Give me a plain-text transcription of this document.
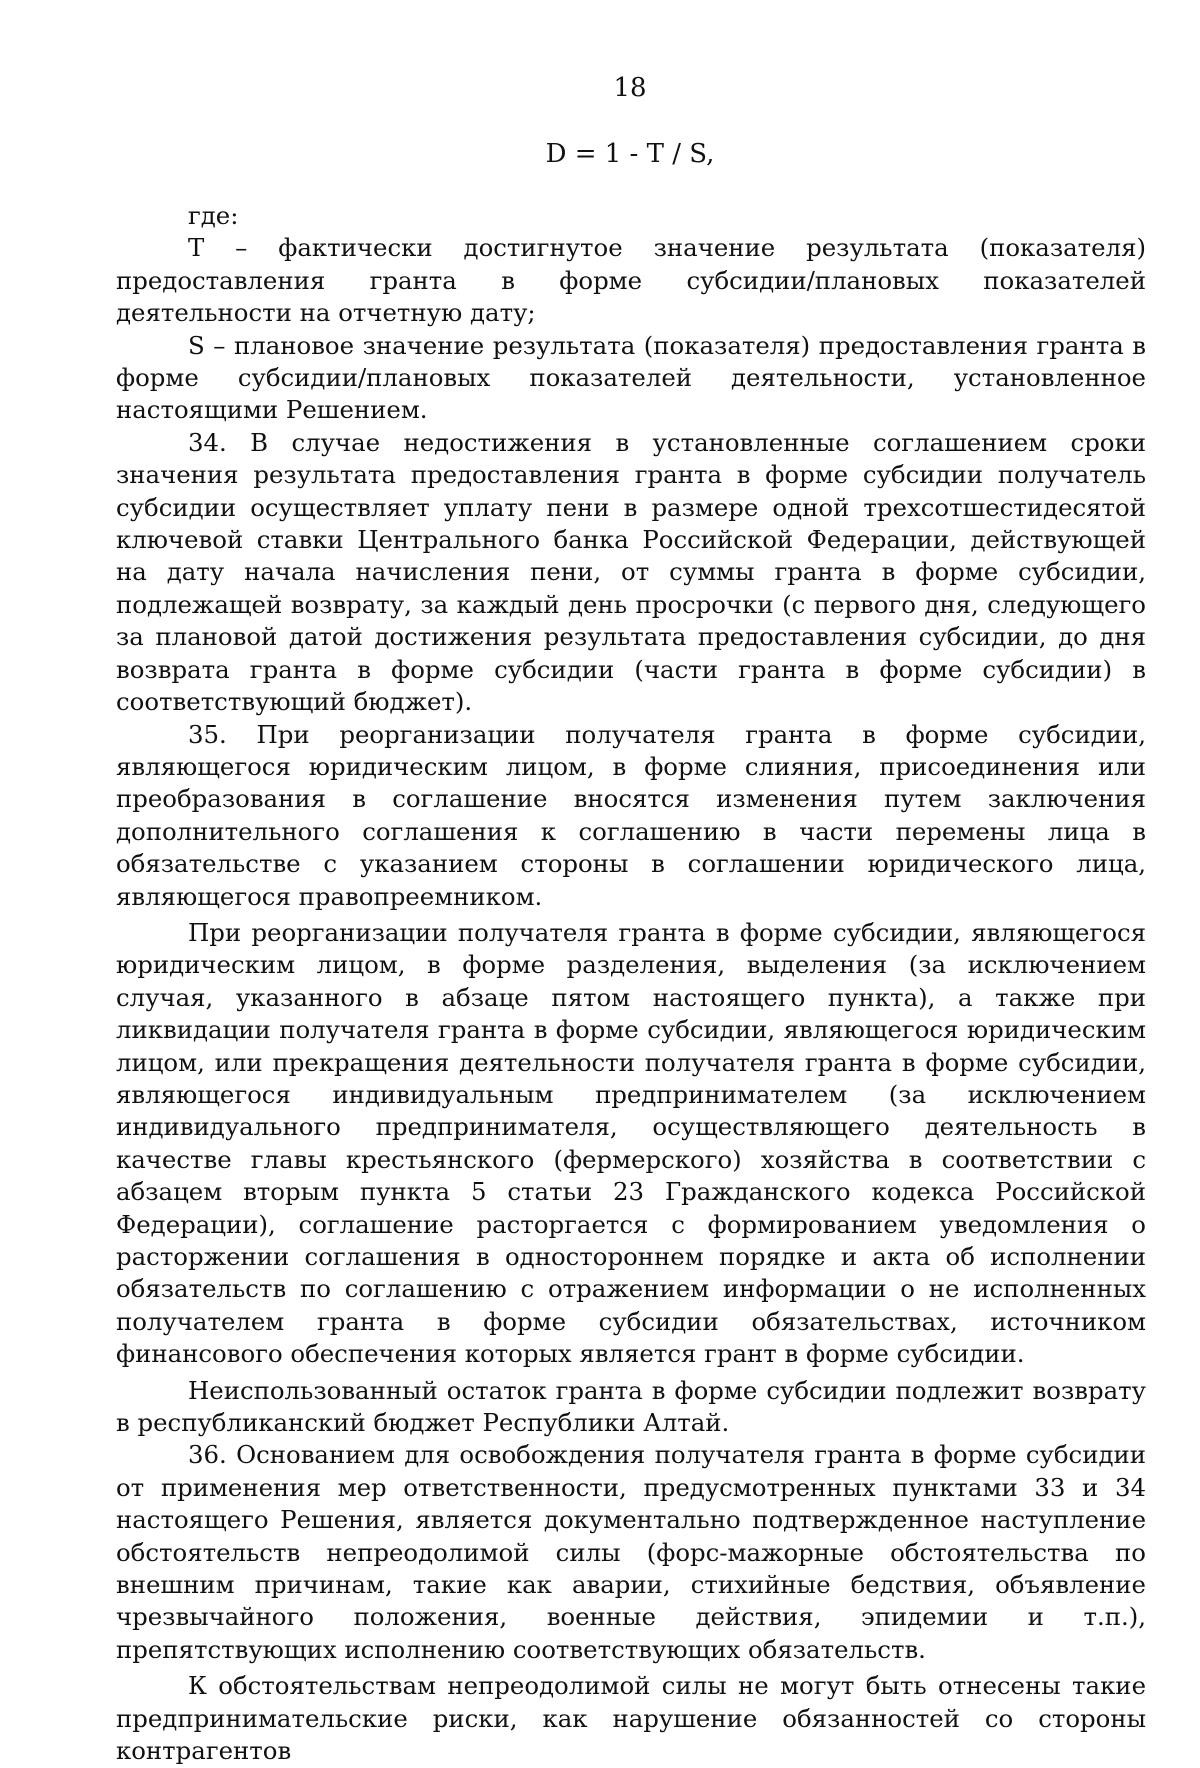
18
D = 1 - T / S,

где:

T – фактически достигнутое значение результата (показателя) предоставления гранта в форме субсидии/плановых показателей деятельности на отчетную дату;

S – плановое значение результата (показателя) предоставления гранта в форме субсидии/плановых показателей деятельности, установленное настоящими Решением.

34. В случае недостижения в установленные соглашением сроки значения результата предоставления гранта в форме субсидии получатель субсидии осуществляет уплату пени в размере одной трехсотшестидесятой ключевой ставки Центрального банка Российской Федерации, действующей на дату начала начисления пени, от суммы гранта в форме субсидии, подлежащей возврату, за каждый день просрочки (с первого дня, следующего за плановой датой достижения результата предоставления субсидии, до дня возврата гранта в форме субсидии (части гранта в форме субсидии) в соответствующий бюджет).

35. При реорганизации получателя гранта в форме субсидии, являющегося юридическим лицом, в форме слияния, присоединения или преобразования в соглашение вносятся изменения путем заключения дополнительного соглашения к соглашению в части перемены лица в обязательстве с указанием стороны в соглашении юридического лица, являющегося правопреемником.

При реорганизации получателя гранта в форме субсидии, являющегося юридическим лицом, в форме разделения, выделения (за исключением случая, указанного в абзаце пятом настоящего пункта), а также при ликвидации получателя гранта в форме субсидии, являющегося юридическим лицом, или прекращения деятельности получателя гранта в форме субсидии, являющегося индивидуальным предпринимателем (за исключением индивидуального предпринимателя, осуществляющего деятельность в качестве главы крестьянского (фермерского) хозяйства в соответствии с абзацем вторым пункта 5 статьи 23 Гражданского кодекса Российской Федерации), соглашение расторгается с формированием уведомления о расторжении соглашения в одностороннем порядке и акта об исполнении обязательств по соглашению с отражением информации о не исполненных получателем гранта в форме субсидии обязательствах, источником финансового обеспечения которых является грант в форме субсидии.

Неиспользованный остаток гранта в форме субсидии подлежит возврату в республиканский бюджет Республики Алтай.

36. Основанием для освобождения получателя гранта в форме субсидии от применения мер ответственности, предусмотренных пунктами 33 и 34 настоящего Решения, является документально подтвержденное наступление обстоятельств непреодолимой силы (форс-мажорные обстоятельства по внешним причинам, такие как аварии, стихийные бедствия, объявление чрезвычайного положения, военные действия, эпидемии и т.п.), препятствующих исполнению соответствующих обязательств.

К обстоятельствам непреодолимой силы не могут быть отнесены такие предпринимательские риски, как нарушение обязанностей со стороны контрагентов
